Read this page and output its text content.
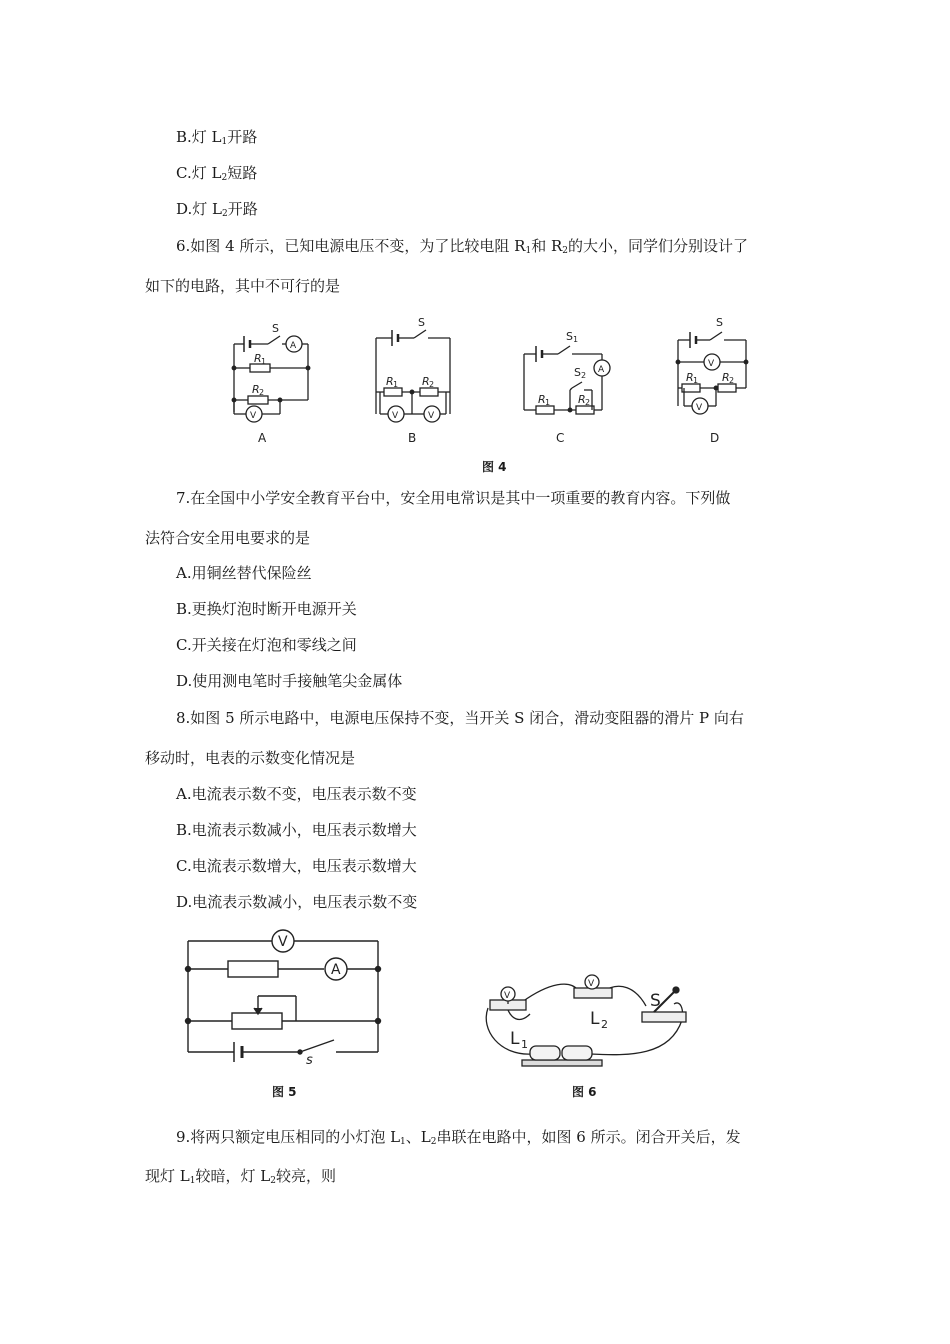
B.灯 $L_1$开路
C.灯 $L_2$短路
D.灯 $L_2$开路
6.如图 4 所示，已知电源电压不变，为了比较电阻 $R_1$和 $R_2$的大小，同学们分别设计了
如下的电路，其中不可行的是
S
A
R 1
R 2
V
A
S
R 1 R 2
V	V
B
S 1
S 2
A
R 1	R 2
C
S
V
R 1 R 2
V
D
图 4
7.在全国中小学安全教育平台中，安全用电常识是其中一项重要的教育内容。下列做
法符合安全用电要求的是
A.用铜丝替代保险丝
B.更换灯泡时断开电源开关
C.开关接在灯泡和零线之间
D.使用测电笔时手接触笔尖金属体
8.如图 5 所示电路中，电源电压保持不变，当开关 S 闭合，滑动变阻器的滑片 P 向右
移动时，电表的示数变化情况是
A.电流表示数不变，电压表示数不变
B.电流表示数减小，电压表示数增大
C.电流表示数增大，电压表示数增大
D.电流表示数减小，电压表示数不变
V
A
s
图 5
V
V
L 1
L 2
S
图 6
9.将两只额定电压相同的小灯泡 $L_1$、$L_2$串联在电路中，如图 6 所示。闭合开关后，发
现灯 $L_1$较暗，灯 $L_2$较亮，则
